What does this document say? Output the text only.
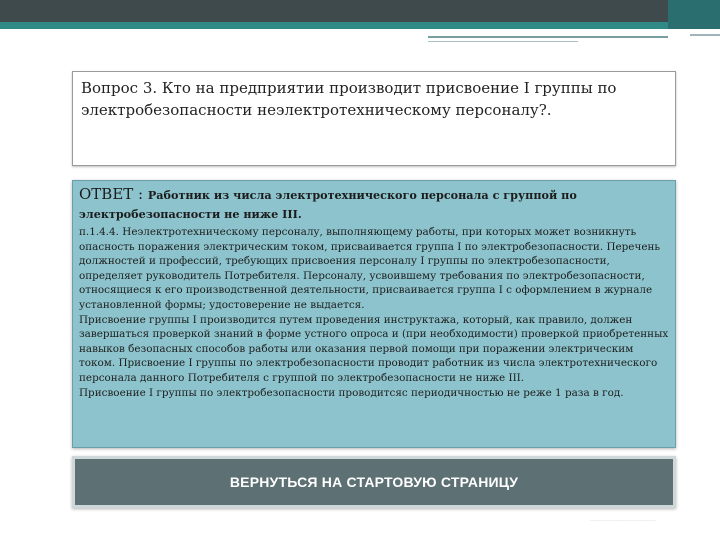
Вопрос 3. Кто на предприятии производит присвоение I группы по электробезопасности неэлектротехническому персоналу?.

ОТВЕТ : Работник из числа электротехнического персонала с группой по электробезопасности не ниже III.

п.1.4.4. Неэлектротехническому персоналу, выполняющему работы, при которых может возникнуть опасность поражения электрическим током, присваивается группа I по электробезопасности. Перечень должностей и профессий, требующих присвоения персоналу I группы по электробезопасности, определяет руководитель Потребителя. Персоналу, усвоившему требования по электробезопасности, относящиеся к его производственной деятельности, присваивается группа I с оформлением в журнале установленной формы; удостоверение не выдается.

Присвоение группы I производится путем проведения инструктажа, который, как правило, должен завершаться проверкой знаний в форме устного опроса и (при необходимости) проверкой приобретенных навыков безопасных способов работы или оказания первой помощи при поражении электрическим током. Присвоение I группы по электробезопасности проводит работник из числа электротехнического персонала данного Потребителя с группой по электробезопасности не ниже III.

Присвоение I группы по электробезопасности проводитсяс периодичностью не реже 1 раза в год.

ВЕРНУТЬСЯ НА СТАРТОВУЮ СТРАНИЦУ
·····································································
